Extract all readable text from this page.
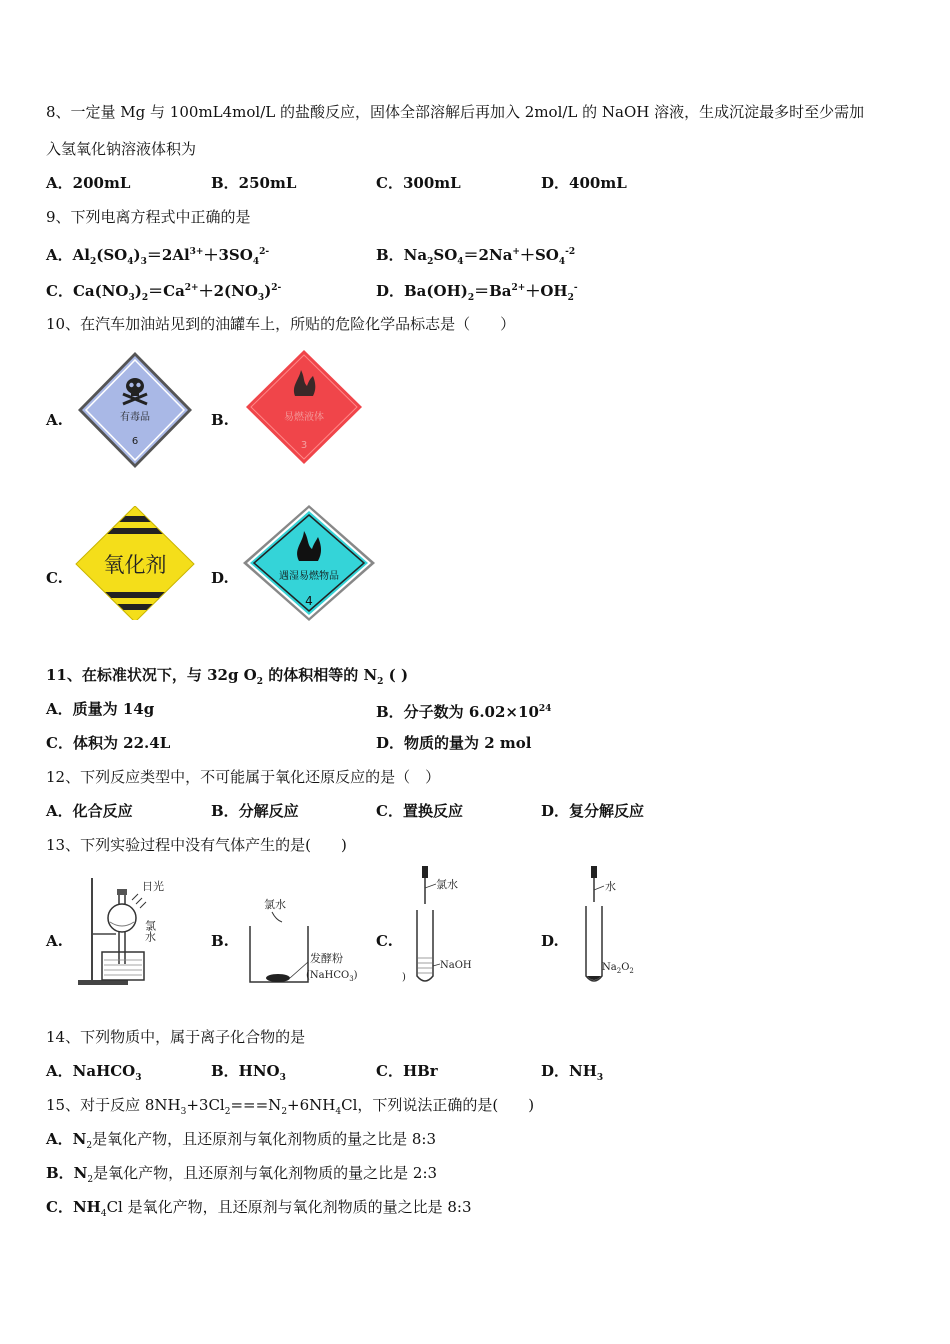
8、一定量 Mg 与 100mL4mol/L 的盐酸反应，固体全部溶解后再加入 2mol/L 的 NaOH 溶液，生成沉淀最多时至少需加
入氢氧化钠溶液体积为
A．200mL	B．250mL	C．300mL	D．400mL
9、下列电离方程式中正确的是
A．$Al_2(SO_4)_3=2Al^{3+}+3SO_4^{2-}$	B．$Na_2SO_4=2Na^++SO_4^{-2}$
C．$Ca(NO_3)_2=Ca^{2+}+2(NO_3)^{2-}$	D．$Ba(OH)_2=Ba^{2+}+OH_2^-$
10、在汽车加油站见到的油罐车上，所贴的危险化学品标志是（　　）
A.	B.
C.	D.
有毒品
6
易燃液体
3
氧化剂	遇湿易燃物品
4
11、在标准状况下，与 32g $O_2$ 的体积相等的 $N_2$ ( )
A．质量为 14g	B．分子数为 $6.02\times 10^{24}$
C．体积为 22.4L	D．物质的量为 2 mol
12、下列反应类型中，不可能属于氧化还原反应的是（　）
A．化合反应	B．分解反应	C．置换反应	D．复分解反应
13、下列实验过程中没有气体产生的是(　　)
A.	B.	C.	D.
日光
氯水
氯水
发酵粉
(NaHCO$_3$)
氯水
NaOH
)
水
$Na_2O_2$
14、下列物质中，属于离子化合物的是
A．NaHCO$_3$	B．$HNO_3$	C．HBr	D．$NH_3$
15、对于反应 $8NH_3+3Cl_2===N_2+6NH_4Cl$，下列说法正确的是(　　)
A．$N_2$是氧化产物，且还原剂与氧化剂物质的量之比是 8:3
B．$N_2$是氧化产物，且还原剂与氧化剂物质的量之比是 2:3
C．$NH_4Cl$ 是氧化产物，且还原剂与氧化剂物质的量之比是 8:3
